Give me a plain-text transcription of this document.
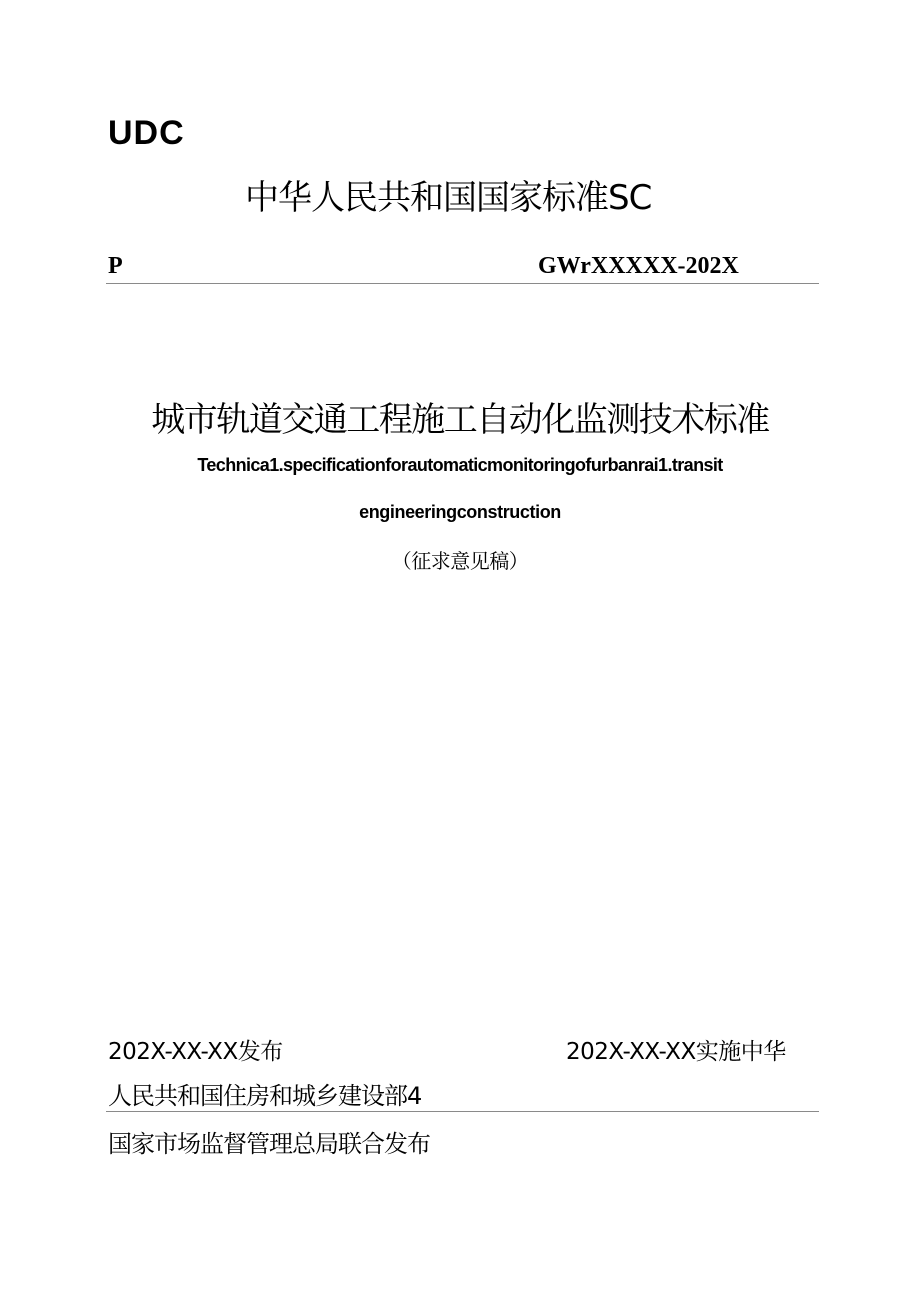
UDC
中华人民共和国国家标准SC
P	GWrXXXXX-202X
城市轨道交通工程施工自动化监测技术标准
Technica1.specificationforautomaticmonitoringofurbanrai1.transit
engineeringconstruction
（征求意见稿）
202X-XX-XX发布	202X-XX-XX实施中华
人民共和国住房和城乡建设部4
国家市场监督管理总局联合发布
